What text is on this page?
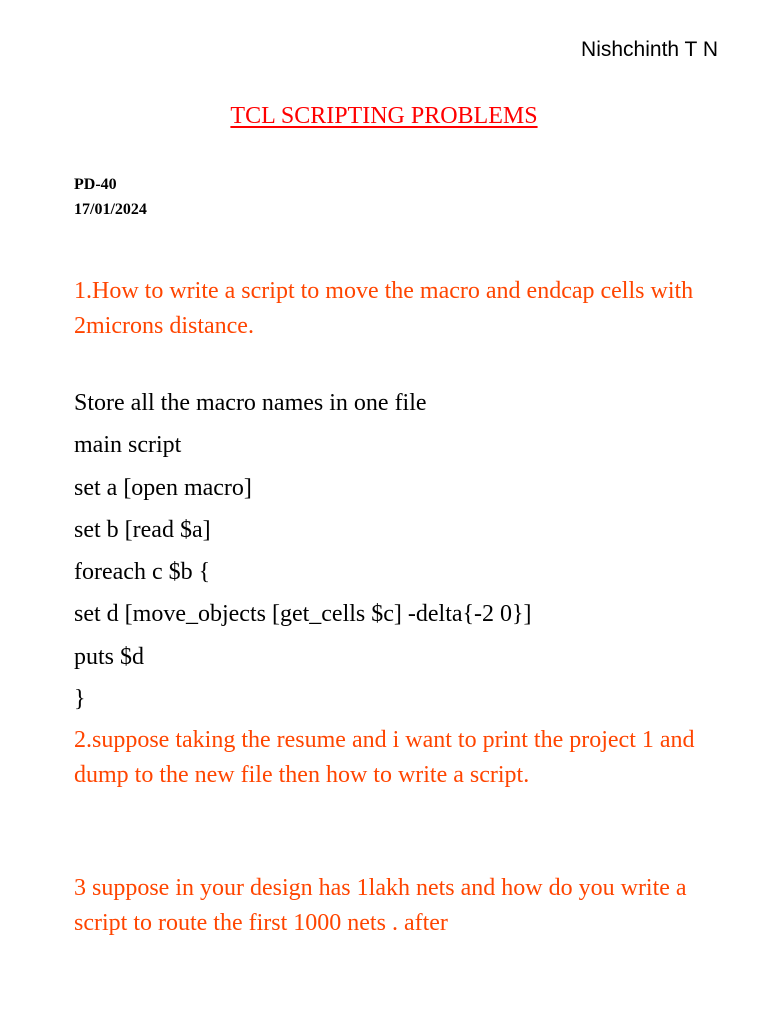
Nishchinth T N
TCL SCRIPTING PROBLEMS
PD-40
17/01/2024
1.How to write a script to move the macro and endcap cells with 2microns distance.
Store all the macro names in one file
main script
set a [open macro]
set b [read $a]
foreach c $b {
set d [move_objects [get_cells $c] -delta{-2 0}]
puts $d
}
2.suppose taking the resume and i want to print the project 1 and dump to the new file then how to write a script.
3 suppose in your design has 1lakh nets and how do you write a script to route the first 1000 nets . after
